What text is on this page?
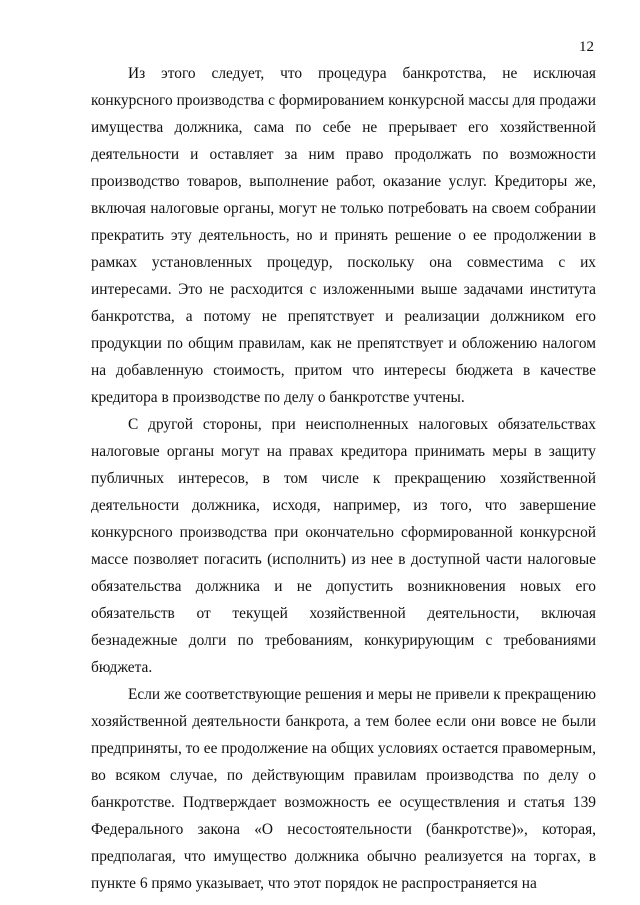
12

Из этого следует, что процедура банкротства, не исключая конкурсного производства с формированием конкурсной массы для продажи имущества должника, сама по себе не прерывает его хозяйственной деятельности и оставляет за ним право продолжать по возможности производство товаров, выполнение работ, оказание услуг. Кредиторы же, включая налоговые органы, могут не только потребовать на своем собрании прекратить эту деятельность, но и принять решение о ее продолжении в рамках установленных процедур, поскольку она совместима с их интересами. Это не расходится с изложенными выше задачами института банкротства, а потому не препятствует и реализации должником его продукции по общим правилам, как не препятствует и обложению налогом на добавленную стоимость, притом что интересы бюджета в качестве кредитора в производстве по делу о банкротстве учтены.

С другой стороны, при неисполненных налоговых обязательствах налоговые органы могут на правах кредитора принимать меры в защиту публичных интересов, в том числе к прекращению хозяйственной деятельности должника, исходя, например, из того, что завершение конкурсного производства при окончательно сформированной конкурсной массе позволяет погасить (исполнить) из нее в доступной части налоговые обязательства должника и не допустить возникновения новых его обязательств от текущей хозяйственной деятельности, включая безнадежные долги по требованиям, конкурирующим с требованиями бюджета.

Если же соответствующие решения и меры не привели к прекращению хозяйственной деятельности банкрота, а тем более если они вовсе не были предприняты, то ее продолжение на общих условиях остается правомерным, во всяком случае, по действующим правилам производства по делу о банкротстве. Подтверждает возможность ее осуществления и статья 139 Федерального закона «О несостоятельности (банкротстве)», которая, предполагая, что имущество должника обычно реализуется на торгах, в пункте 6 прямо указывает, что этот порядок не распространяется на
